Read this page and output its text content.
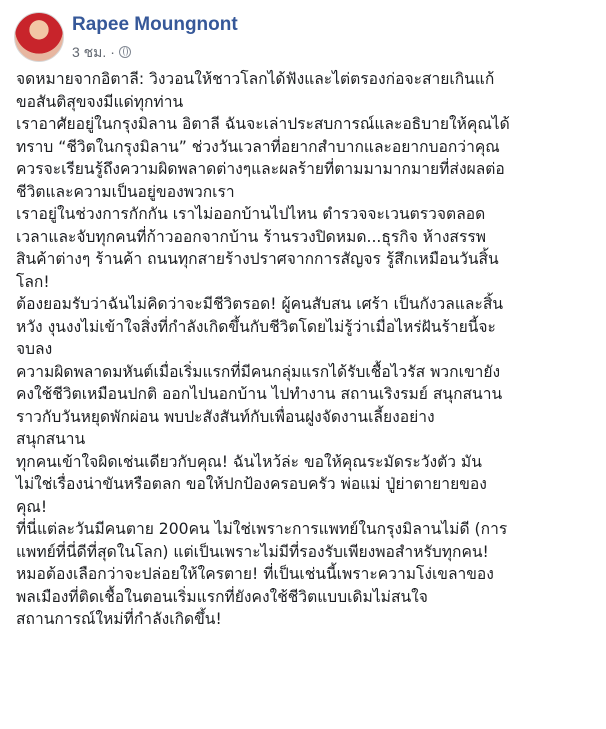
Rapee Moungnont
3 ชม. ·
จดหมายจากอิตาลี: วิงวอนให้ชาวโลกได้ฟังและไต่ตรองก่อจะสายเกินแก้
ขอสันติสุขจงมีแด่ทุกท่าน
เราอาศัยอยู่ในกรุงมิลาน อิตาลี ฉันจะเล่าประสบการณ์และอธิบายให้คุณได้
ทราบ “ชีวิตในกรุงมิลาน” ช่วงวันเวลาที่อยากสำบากและอยากบอกว่าคุณ
ควรจะเรียนรู้ถึงความผิดพลาดต่างๆและผลร้ายที่ตามมามากมายที่ส่งผลต่อ
ชีวิตและความเป็นอยู่ของพวกเรา
เราอยู่ในช่วงการกักกัน เราไม่ออกบ้านไปไหน ตำรวจจะเวนตรวจตลอด
เวลาและจับทุกคนที่ก้าวออกจากบ้าน ร้านรวงปิดหมด...ธุรกิจ ห้างสรรพ
สินค้าต่างๆ ร้านค้า ถนนทุกสายร้างปราศจากการสัญจร รู้สึกเหมือนวันสิ้น
โลก!
ต้องยอมรับว่าฉันไม่คิดว่าจะมีชีวิตรอด! ผู้คนสับสน เศร้า เป็นกังวลและสิ้น
หวัง งุนงงไม่เข้าใจสิ่งที่กำลังเกิดขึ้นกับชีวิตโดยไม่รู้ว่าเมื่อไหร่ฝันร้ายนี้จะ
จบลง
ความผิดพลาดมหันต์เมื่อเริ่มแรกที่มีคนกลุ่มแรกได้รับเชื้อไวรัส พวกเขายัง
คงใช้ชีวิตเหมือนปกติ ออกไปนอกบ้าน ไปทำงาน สถานเริงรมย์ สนุกสนาน
ราวกับวันหยุดพักผ่อน พบปะสังสันท์กับเพื่อนฝูงจัดงานเลี้ยงอย่าง
สนุกสนาน
ทุกคนเข้าใจผิดเช่นเดียวกับคุณ! ฉันไหว้ล่ะ ขอให้คุณระมัดระวังตัว มัน
ไม่ใช่เรื่องน่าขันหรือตลก ขอให้ปกป้องครอบครัว พ่อแม่ ปู่ย่าตายายของ
คุณ!
ที่นี่แต่ละวันมีคนตาย 200คน ไม่ใช่เพราะการแพทย์ในกรุงมิลานไม่ดี (การ
แพทย์ที่นี่ดีที่สุดในโลก) แต่เป็นเพราะไม่มีที่รองรับเพียงพอสำหรับทุกคน!
หมอต้องเลือกว่าจะปล่อยให้ใครตาย! ที่เป็นเช่นนี้เพราะความโง่เขลาของ
พลเมืองที่ติดเชื้อในตอนเริ่มแรกที่ยังคงใช้ชีวิตแบบเดิมไม่สนใจ
สถานการณ์ใหม่ที่กำลังเกิดขึ้น!
